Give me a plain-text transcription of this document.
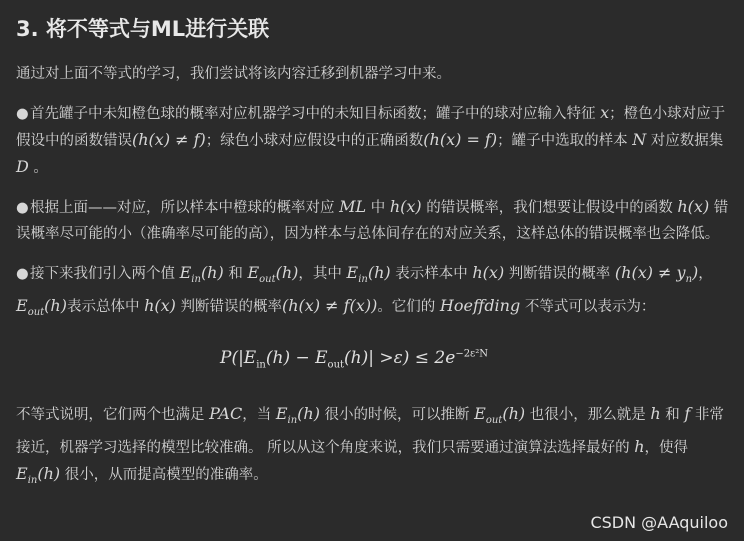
3. 将不等式与ML进行关联

通过对上面不等式的学习，我们尝试将该内容迁移到机器学习中来。

●首先罐子中未知橙色球的概率对应机器学习中的未知目标函数；罐子中的球对应输入特征 x；橙色小球对应于假设中的函数错误(h(x) ≠ f)；绿色小球对应假设中的正确函数(h(x) = f)；罐子中选取的样本 N 对应数据集 D 。

●根据上面——对应，所以样本中橙球的概率对应 ML 中 h(x) 的错误概率，我们想要让假设中的函数 h(x) 错误概率尽可能的小（准确率尽可能的高），因为样本与总体间存在的对应关系，这样总体的错误概率也会降低。

●接下来我们引入两个值 $E_{in}(h)$ 和 $E_{out}(h)$，其中 $E_{in}(h)$ 表示样本中 h(x) 判断错误的概率 $(h(x) \ne y_n)$，$E_{out}(h)$表示总体中 h(x) 判断错误的概率(h(x) ≠ f(x))。它们的 Hoeffding 不等式可以表示为：

$P(|E_{in}(h) - E_{out}(h)| >\varepsilon) \le 2e^{-2\varepsilon^2N}$

不等式说明，它们两个也满足 PAC，当 $E_{in}(h)$ 很小的时候，可以推断 $E_{out}(h)$ 也很小，那么就是 h 和 f 非常接近，机器学习选择的模型比较准确。 所以从这个角度来说，我们只需要通过演算法选择最好的 h，使得 $E_{in}(h)$ 很小，从而提高模型的准确率。

CSDN @AAquiloo
